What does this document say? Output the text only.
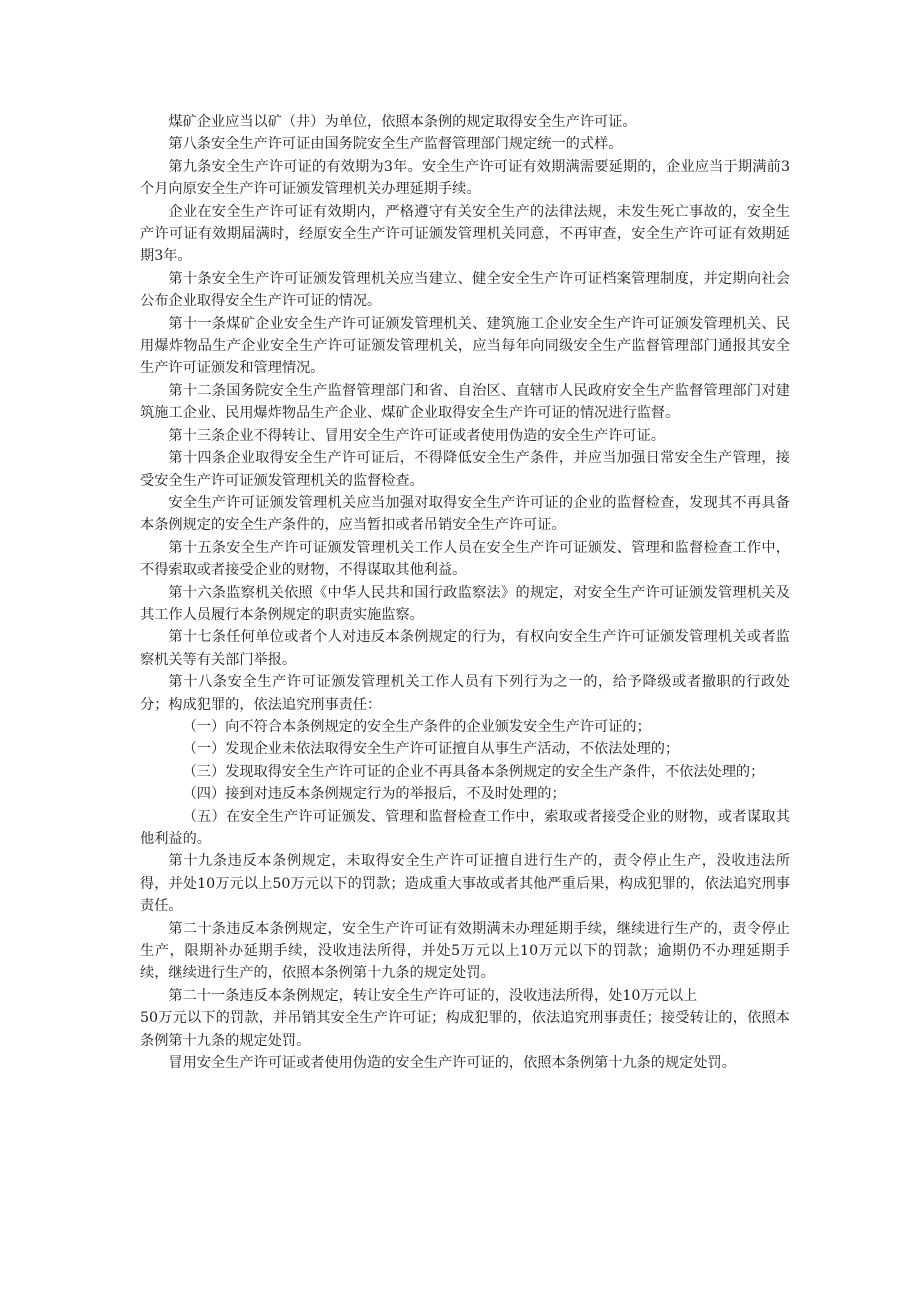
煤矿企业应当以矿（井）为单位，依照本条例的规定取得安全生产许可证。

第八条安全生产许可证由国务院安全生产监督管理部门规定统一的式样。

第九条安全生产许可证的有效期为3年。安全生产许可证有效期满需要延期的，企业应当于期满前3个月向原安全生产许可证颁发管理机关办理延期手续。

企业在安全生产许可证有效期内，严格遵守有关安全生产的法律法规，未发生死亡事故的，安全生产许可证有效期届满时，经原安全生产许可证颁发管理机关同意，不再审查，安全生产许可证有效期延期3年。

第十条安全生产许可证颁发管理机关应当建立、健全安全生产许可证档案管理制度，并定期向社会公布企业取得安全生产许可证的情况。

第十一条煤矿企业安全生产许可证颁发管理机关、建筑施工企业安全生产许可证颁发管理机关、民用爆炸物品生产企业安全生产许可证颁发管理机关，应当每年向同级安全生产监督管理部门通报其安全生产许可证颁发和管理情况。

第十二条国务院安全生产监督管理部门和省、自治区、直辖市人民政府安全生产监督管理部门对建筑施工企业、民用爆炸物品生产企业、煤矿企业取得安全生产许可证的情况进行监督。

第十三条企业不得转让、冒用安全生产许可证或者使用伪造的安全生产许可证。

第十四条企业取得安全生产许可证后，不得降低安全生产条件，并应当加强日常安全生产管理，接受安全生产许可证颁发管理机关的监督检查。

安全生产许可证颁发管理机关应当加强对取得安全生产许可证的企业的监督检查，发现其不再具备本条例规定的安全生产条件的，应当暂扣或者吊销安全生产许可证。

第十五条安全生产许可证颁发管理机关工作人员在安全生产许可证颁发、管理和监督检查工作中，不得索取或者接受企业的财物，不得谋取其他利益。

第十六条监察机关依照《中华人民共和国行政监察法》的规定，对安全生产许可证颁发管理机关及其工作人员履行本条例规定的职责实施监察。

第十七条任何单位或者个人对违反本条例规定的行为，有权向安全生产许可证颁发管理机关或者监察机关等有关部门举报。

第十八条安全生产许可证颁发管理机关工作人员有下列行为之一的，给予降级或者撤职的行政处分；构成犯罪的，依法追究刑事责任：

（一）向不符合本条例规定的安全生产条件的企业颁发安全生产许可证的；

（一）发现企业未依法取得安全生产许可证擅自从事生产活动，不依法处理的；

（三）发现取得安全生产许可证的企业不再具备本条例规定的安全生产条件，不依法处理的；

（四）接到对违反本条例规定行为的举报后，不及时处理的；

（五）在安全生产许可证颁发、管理和监督检查工作中，索取或者接受企业的财物，或者谋取其他利益的。

第十九条违反本条例规定，未取得安全生产许可证擅自进行生产的，责令停止生产，没收违法所得，并处10万元以上50万元以下的罚款；造成重大事故或者其他严重后果，构成犯罪的，依法追究刑事责任。

第二十条违反本条例规定，安全生产许可证有效期满未办理延期手续，继续进行生产的，责令停止生产，限期补办延期手续，没收违法所得，并处5万元以上10万元以下的罚款；逾期仍不办理延期手续，继续进行生产的，依照本条例第十九条的规定处罚。

第二十一条违反本条例规定，转让安全生产许可证的，没收违法所得，处10万元以上

50万元以下的罚款，并吊销其安全生产许可证；构成犯罪的，依法追究刑事责任；接受转让的，依照本条例第十九条的规定处罚。

冒用安全生产许可证或者使用伪造的安全生产许可证的，依照本条例第十九条的规定处罚。
